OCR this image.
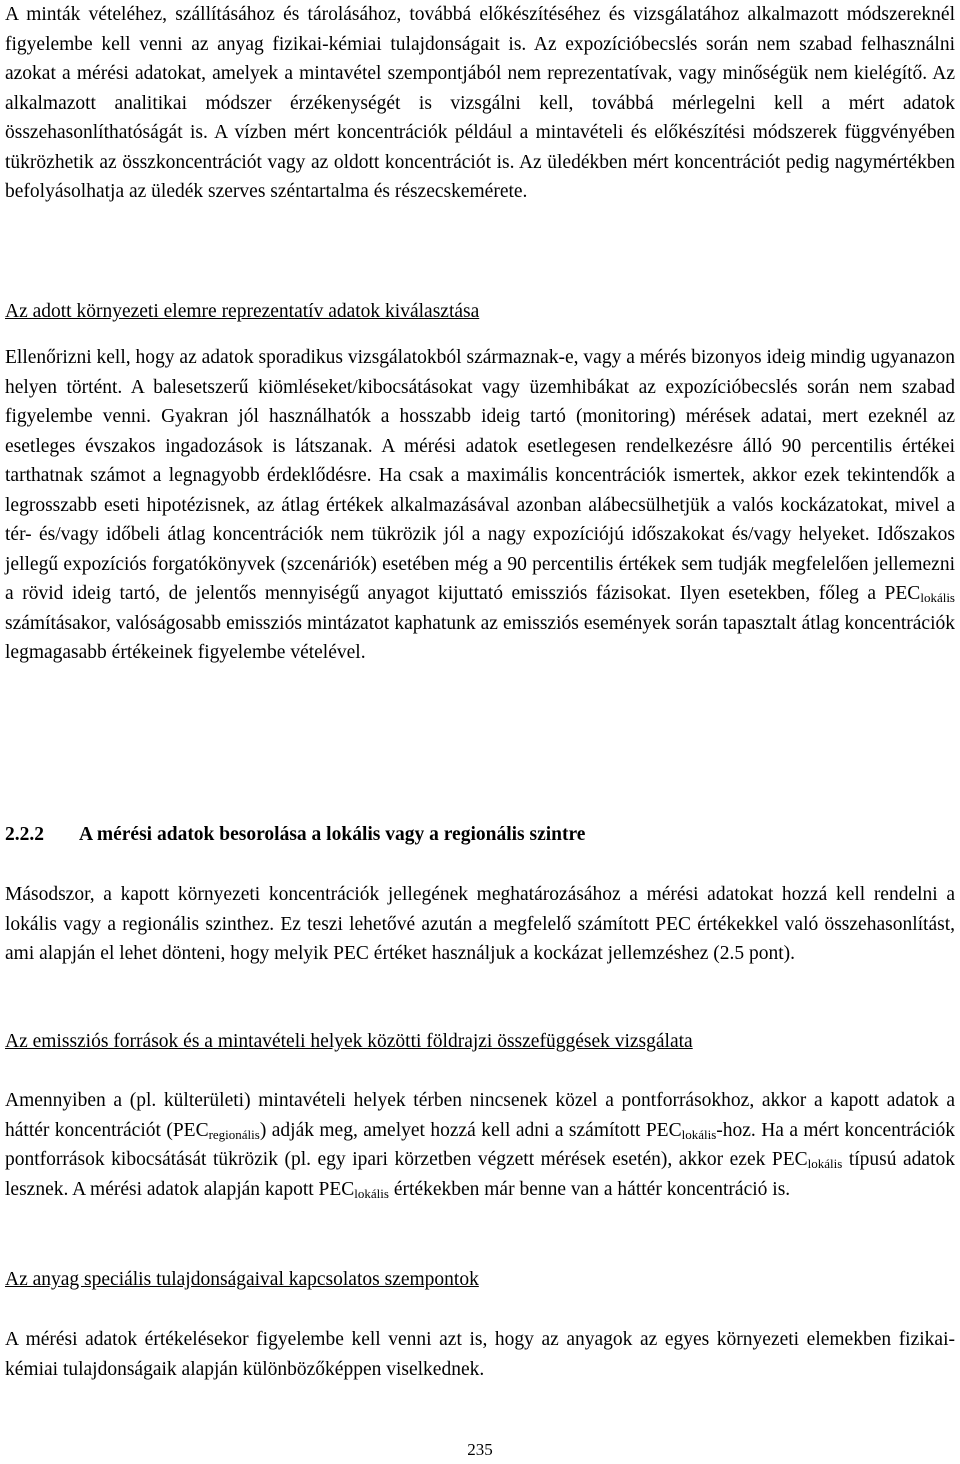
A minták vételéhez, szállításához és tárolásához, továbbá előkészítéséhez és vizsgálatához alkalmazott módszereknél figyelembe kell venni az anyag fizikai-kémiai tulajdonságait is. Az expozícióbecslés során nem szabad felhasználni azokat a mérési adatokat, amelyek a mintavétel szempontjából nem reprezentatívak, vagy minőségük nem kielégítő. Az alkalmazott analitikai módszer érzékenységét is vizsgálni kell, továbbá mérlegelni kell a mért adatok összehasonlíthatóságát is. A vízben mért koncentrációk például a mintavételi és előkészítési módszerek függvényében tükrözhetik az összkoncentrációt vagy az oldott koncentrációt is. Az üledékben mért koncentrációt pedig nagymértékben befolyásolhatja az üledék szerves széntartalma és részecskemérete.

Az adott környezeti elemre reprezentatív adatok kiválasztása

Ellenőrizni kell, hogy az adatok sporadikus vizsgálatokból származnak-e, vagy a mérés bizonyos ideig mindig ugyanazon helyen történt. A balesetszerű kiömléseket/kibocsátásokat vagy üzemhibákat az expozícióbecslés során nem szabad figyelembe venni. Gyakran jól használhatók a hosszabb ideig tartó (monitoring) mérések adatai, mert ezeknél az esetleges évszakos ingadozások is látszanak. A mérési adatok esetlegesen rendelkezésre álló 90 percentilis értékei tarthatnak számot a legnagyobb érdeklődésre. Ha csak a maximális koncentrációk ismertek, akkor ezek tekintendők a legrosszabb eseti hipotézisnek, az átlag értékek alkalmazásával azonban alábecsülhetjük a valós kockázatokat, mivel a tér- és/vagy időbeli átlag koncentrációk nem tükrözik jól a nagy expozíciójú időszakokat és/vagy helyeket. Időszakos jellegű expozíciós forgatókönyvek (szcenáriók) esetében még a 90 percentilis értékek sem tudják megfelelően jellemezni a rövid ideig tartó, de jelentős mennyiségű anyagot kijuttató emissziós fázisokat. Ilyen esetekben, főleg a $PEC_{lokális}$ számításakor, valóságosabb emissziós mintázatot kaphatunk az emissziós események során tapasztalt átlag koncentrációk legmagasabb értékeinek figyelembe vételével.

2.2.2 A mérési adatok besorolása a lokális vagy a regionális szintre

Másodszor, a kapott környezeti koncentrációk jellegének meghatározásához a mérési adatokat hozzá kell rendelni a lokális vagy a regionális szinthez. Ez teszi lehetővé azután a megfelelő számított PEC értékekkel való összehasonlítást, ami alapján el lehet dönteni, hogy melyik PEC értéket használjuk a kockázat jellemzéshez (2.5 pont).

Az emissziós források és a mintavételi helyek közötti földrajzi összefüggések vizsgálata

Amennyiben a (pl. külterületi) mintavételi helyek térben nincsenek közel a pontforrásokhoz, akkor a kapott adatok a háttér koncentrációt $(PEC_{regionális})$ adják meg, amelyet hozzá kell adni a számított $PEC_{lokális}$-hoz. Ha a mért koncentrációk pontforrások kibocsátását tükrözik (pl. egy ipari körzetben végzett mérések esetén), akkor ezek $PEC_{lokális}$ típusú adatok lesznek. A mérési adatok alapján kapott $PEC_{lokális}$ értékekben már benne van a háttér koncentráció is.

Az anyag speciális tulajdonságaival kapcsolatos szempontok

A mérési adatok értékelésekor figyelembe kell venni azt is, hogy az anyagok az egyes környezeti elemekben fizikai-kémiai tulajdonságaik alapján különbözőképpen viselkednek.

235
